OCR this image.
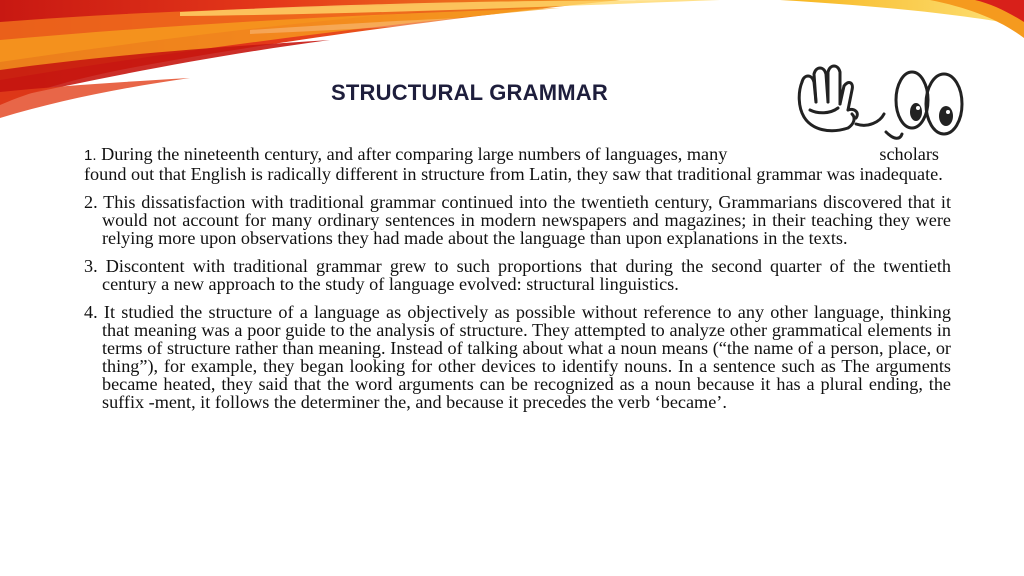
STRUCTURAL GRAMMAR

1. During the nineteenth century, and after comparing large numbers of languages, many	scholars

found out that English is radically different in structure from Latin, they saw that traditional grammar was inadequate.

2. This dissatisfaction with traditional grammar continued into the twentieth century, Grammarians discovered that it would not account for many ordinary sentences in modern newspapers and magazines; in their teaching they were relying more upon observations they had made about the language than upon explanations in the texts.

3. Discontent with traditional grammar grew to such proportions that during the second quarter of the twentieth century a new approach to the study of language evolved: structural linguistics.

4. It studied the structure of a language as objectively as possible without reference to any other language, thinking that meaning was a poor guide to the analysis of structure. They attempted to analyze other grammatical elements in terms of structure rather than meaning. Instead of talking about what a noun means (“the name of a person, place, or thing”), for example, they began looking for other devices to identify nouns. In a sentence such as The arguments became heated, they said that the word arguments can be recognized as a noun because it has a plural ending, the suffix -ment, it follows the determiner the, and because it precedes the verb ‘became’.
